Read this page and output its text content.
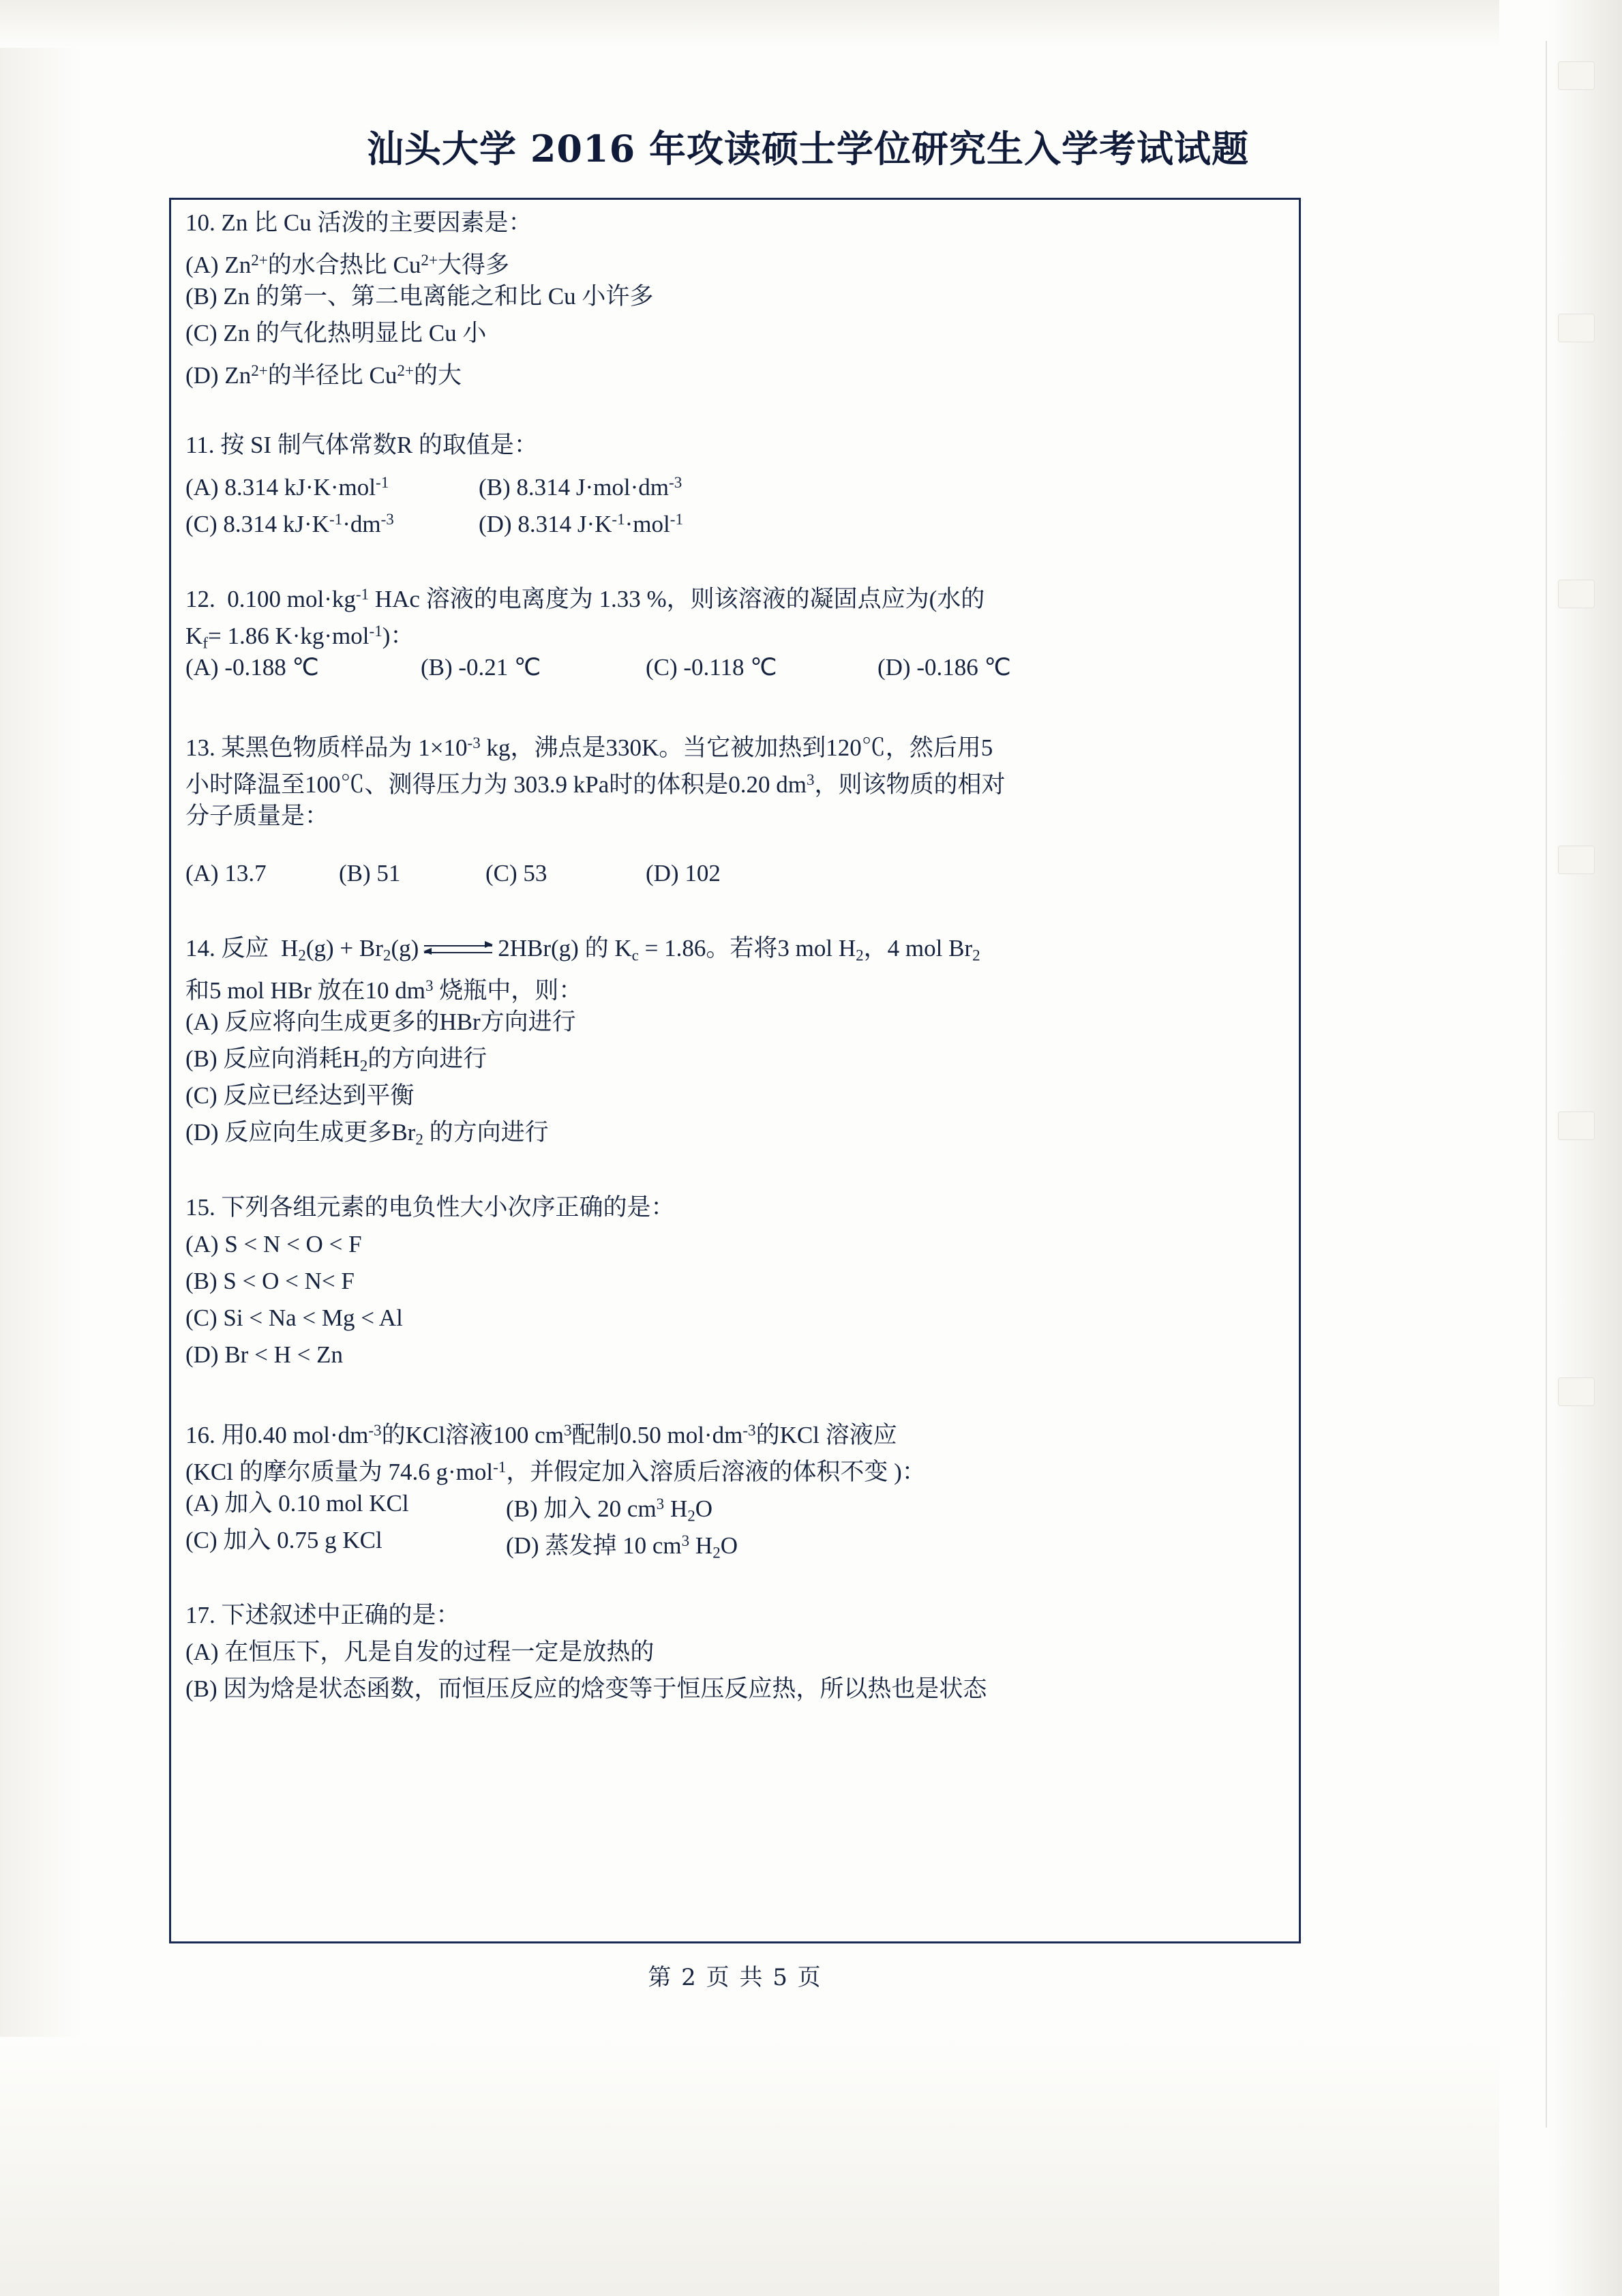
汕头大学 2016 年攻读硕士学位研究生入学考试试题
10. Zn 比 Cu 活泼的主要因素是：
(A) $Zn^{2+}$的水合热比 $Cu^{2+}$大得多
(B) Zn 的第一、第二电离能之和比 Cu 小许多
(C) Zn 的气化热明显比 Cu 小
(D) $Zn^{2+}$的半径比 $Cu^{2+}$的大
11. 按 SI 制气体常数R 的取值是：
(A) 8.314 kJ·K·mol$^{-1}$	(B) 8.314 $J\cdot mol\cdot dm^{-3}$
(C) 8.314 $kJ\cdot K^{-1}\cdot dm^{-3}$	(D) 8.314 $J\cdot K^{-1}\cdot mol^{-1}$
12.  0.100 $mol\cdot kg^{-1}$ HAc 溶液的电离度为 1.33 %，则该溶液的凝固点应为(水的
$K_f= 1.86$ K·kg·mol$^{-1}$)：
(A) -0.188 ℃	(B) -0.21 ℃	(C) -0.118 ℃	(D) -0.186 ℃
13. 某黑色物质样品为 $1\times 10^{-3}$ kg，沸点是330K。当它被加热到120℃，然后用5
小时降温至100℃、测得压力为 303.9 kPa时的体积是0.20 $dm^3$，则该物质的相对
分子质量是：
(A) 13.7	(B) 51	(C) 53	(D) 102
14. 反应  $H_2(g) + Br_2(g)$	2HBr(g) 的 $K_c = 1.86$。若将3 mol $H_2$，4 mol $Br_2$
和5 mol HBr 放在10 $dm^3$ 烧瓶中，则：
(A) 反应将向生成更多的HBr方向进行
(B) 反应向消耗$H_2$的方向进行
(C) 反应已经达到平衡
(D) 反应向生成更多$Br_2$ 的方向进行
15. 下列各组元素的电负性大小次序正确的是：
(A) S < N < O < F
(B) S < O < N< F
(C) Si < Na < Mg < Al
(D) Br < H < Zn
16. 用0.40 $mol\cdot dm^{-3}$的KCl溶液100 $cm^3$配制0.50 $mol\cdot dm^{-3}$的KCl 溶液应
(KCl 的摩尔质量为 74.6 g·mol$^{-1}$，并假定加入溶质后溶液的体积不变 )：
(A) 加入 0.10 mol KCl	(B) 加入 20 $cm^3$ $H_2O$
(C) 加入 0.75 g KCl	(D) 蒸发掉 10 $cm^3$ $H_2O$
17. 下述叙述中正确的是：
(A) 在恒压下，凡是自发的过程一定是放热的
(B) 因为焓是状态函数，而恒压反应的焓变等于恒压反应热，所以热也是状态
第 2 页 共 5 页
